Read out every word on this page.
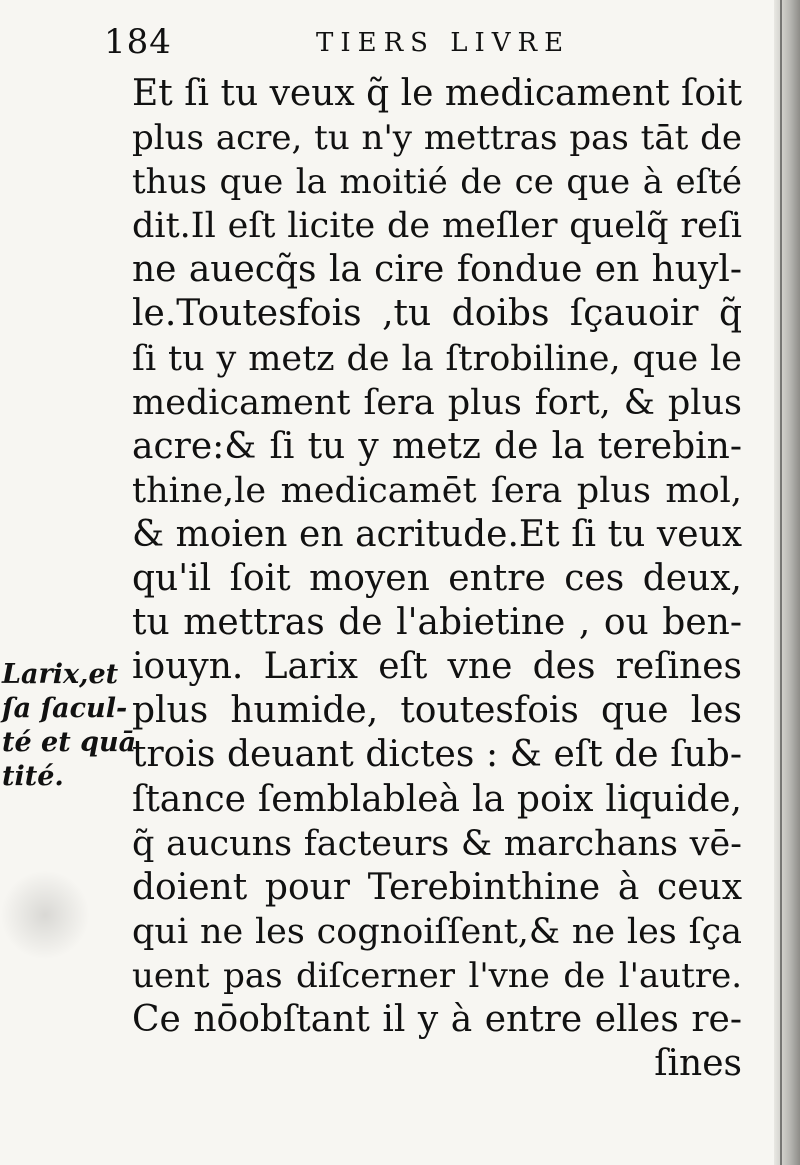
184	TIERS LIVRE
Larix,et
ſa ſacul-
té et quā
tité.
Et ſi tu veux q̃ le medicament ſoit
plus acre, tu n'y mettras pas tāt de
thus que la moitié de ce que à eſté
dit.Il eſt licite de meſler quelq̃ reſi
ne auecq̃s la cire fondue en huyl-
le.Toutesfois ,tu doibs ſçauoir q̃
ſi tu y metz de la ſtrobiline, que le
medicament ſera plus fort, & plus
acre:& ſi tu y metz de la terebin-
thine,le medicamēt ſera plus mol,
& moien en acritude.Et ſi tu veux
qu'il ſoit moyen entre ces deux,
tu mettras de l'abietine , ou ben-
iouyn. Larix eſt vne des reſines
plus humide, toutesfois que les
trois deuant dictes : & eſt de ſub-
ſtance ſemblableà la poix liquide,
q̃ aucuns facteurs & marchans vē-
doient pour Terebinthine à ceux
qui ne les cognoiſſent,& ne les ſça
uent pas diſcerner l'vne de l'autre.
Ce nōobſtant il y à entre elles re-
ſines
